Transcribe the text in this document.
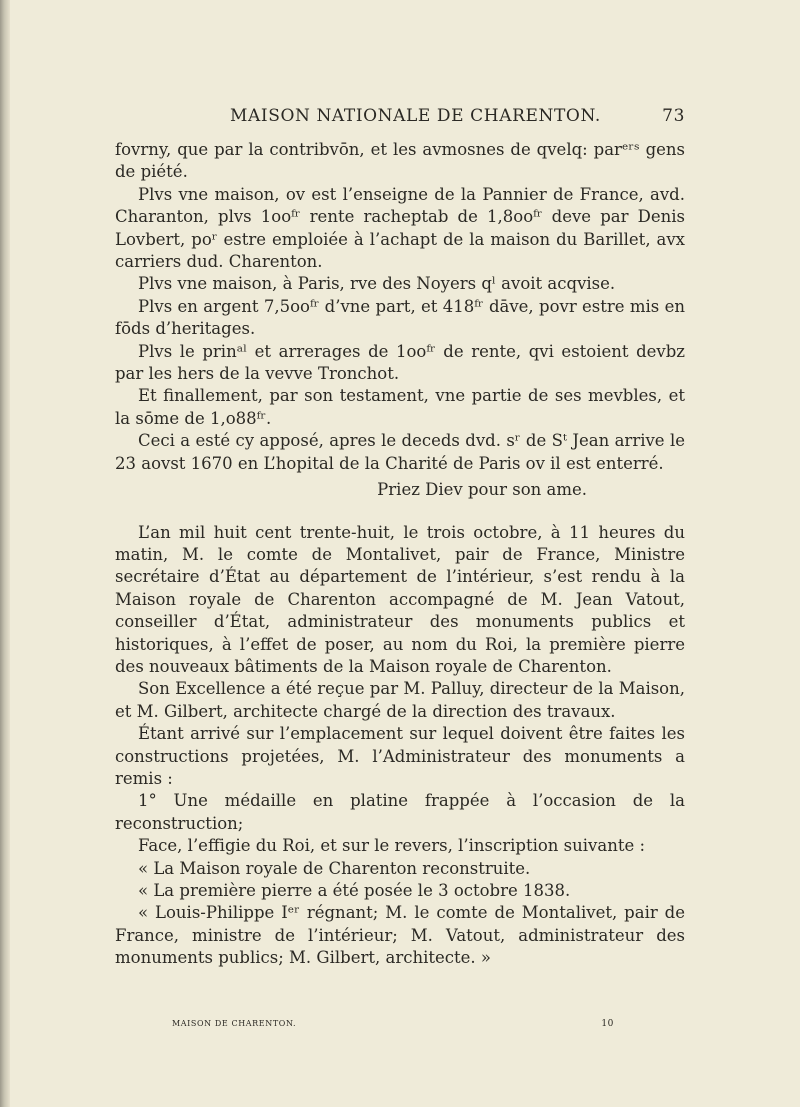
MAISON NATIONALE DE CHARENTON.	73

fovrny, que par la contribvōn, et les avmosnes de qvelq: parᵉʳˢ gens de piété.

Plvs vne maison, ov est l’enseigne de la Pannier de France, avd. Charanton, plvs 1ooᶠʳ rente racheptab de 1,8ooᶠʳ deve par Denis Lovbert, poʳ estre emploiée à l’achapt de la maison du Barillet, avx carriers dud. Charenton.

Plvs vne maison, à Paris, rve des Noyers qˡ avoit acqvise.

Plvs en argent 7,5ooᶠʳ d’vne part, et 418ᶠʳ dāve, povr estre mis en fōds d’heritages.

Plvs le prinᵃˡ et arrerages de 1ooᶠʳ de rente, qvi estoient devbz par les hers de la vevve Tronchot.

Et finallement, par son testament, vne partie de ses mevbles, et la sōme de 1,o88ᶠʳ.

Ceci a esté cy apposé, apres le deceds dvd. sʳ de Sᵗ Jean arrive le 23 aovst 1670 en L’hopital de la Charité de Paris ov il est enterré.

Priez Diev pour son ame.

L’an mil huit cent trente-huit, le trois octobre, à 11 heures du matin, M. le comte de Montalivet, pair de France, Ministre secrétaire d’État au département de l’intérieur, s’est rendu à la Maison royale de Charenton accompagné de M. Jean Vatout, conseiller d’État, administrateur des monuments publics et historiques, à l’effet de poser, au nom du Roi, la première pierre des nouveaux bâtiments de la Maison royale de Charenton.

Son Excellence a été reçue par M. Palluy, directeur de la Maison, et M. Gilbert, architecte chargé de la direction des travaux.

Étant arrivé sur l’emplacement sur lequel doivent être faites les constructions projetées, M. l’Administrateur des monuments a remis :

1° Une médaille en platine frappée à l’occasion de la reconstruction;

Face, l’effigie du Roi, et sur le revers, l’inscription suivante :

« La Maison royale de Charenton reconstruite.

« La première pierre a été posée le 3 octobre 1838.

« Louis-Philippe Iᵉʳ régnant; M. le comte de Montalivet, pair de France, ministre de l’intérieur; M. Vatout, administrateur des monuments publics; M. Gilbert, architecte. »

MAISON DE CHARENTON.	10
